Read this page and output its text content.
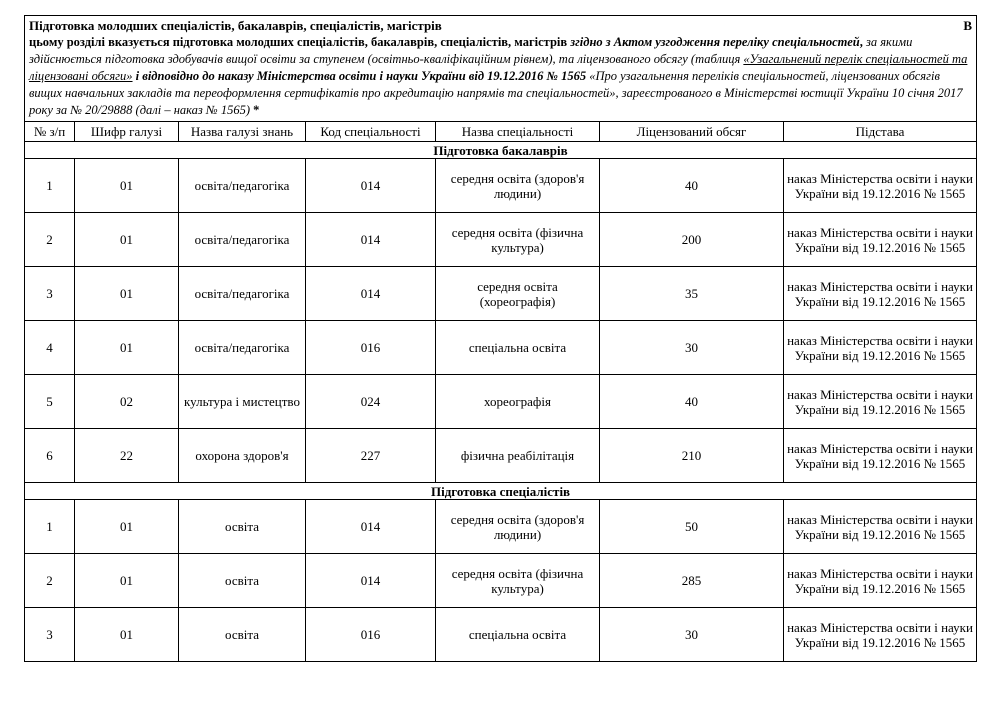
Підготовка молодших спеціалістів, бакалаврів, спеціалістів, магістрів В
цьому розділі вказується підготовка молодших спеціалістів, бакалаврів, спеціалістів, магістрів згідно з Актом узгодження переліку спеціальностей, за якими здійснюється підготовка здобувачів вищої освіти за ступенем (освітньо-кваліфікаційним рівнем), та ліцензованого обсягу (таблиця «Узагальнений перелік спеціальностей та ліцензовані обсяги» і відповідно до наказу Міністерства освіти і науки України від 19.12.2016 № 1565 «Про узагальнення переліків спеціальностей, ліцензованих обсягів вищих навчальних закладів та переоформлення сертифікатів про акредитацію напрямів та спеціальностей», зареєстрованого в Міністерстві юстиції України 10 січня 2017 року за № 20/29888 (далі – наказ № 1565) *						

№ з/п	Шифр галузі	Назва галузі знань	Код спеціальності	Назва спеціальності	Ліцензований обсяг	Підстава
Підготовка бакалаврів						
1	01	освіта/педагогіка	014	середня освіта (здоров'я людини)	40	наказ Міністерства освіти і науки України від 19.12.2016 № 1565
2	01	освіта/педагогіка	014	середня освіта (фізична культура)	200	наказ Міністерства освіти і науки України від 19.12.2016 № 1565
3	01	освіта/педагогіка	014	середня освіта (хореографія)	35	наказ Міністерства освіти і науки України від 19.12.2016 № 1565
4	01	освіта/педагогіка	016	спеціальна освіта	30	наказ Міністерства освіти і науки України від 19.12.2016 № 1565
5	02	культура і мистецтво	024	хореографія	40	наказ Міністерства освіти і науки України від 19.12.2016 № 1565
6	22	охорона здоров'я	227	фізична реабілітація	210	наказ Міністерства освіти і науки України від 19.12.2016 № 1565
Підготовка спеціалістів						
1	01	освіта	014	середня освіта (здоров'я людини)	50	наказ Міністерства освіти і науки України від 19.12.2016 № 1565
2	01	освіта	014	середня освіта (фізична культура)	285	наказ Міністерства освіти і науки України від 19.12.2016 № 1565
3	01	освіта	016	спеціальна освіта	30	наказ Міністерства освіти і науки України від 19.12.2016 № 1565
